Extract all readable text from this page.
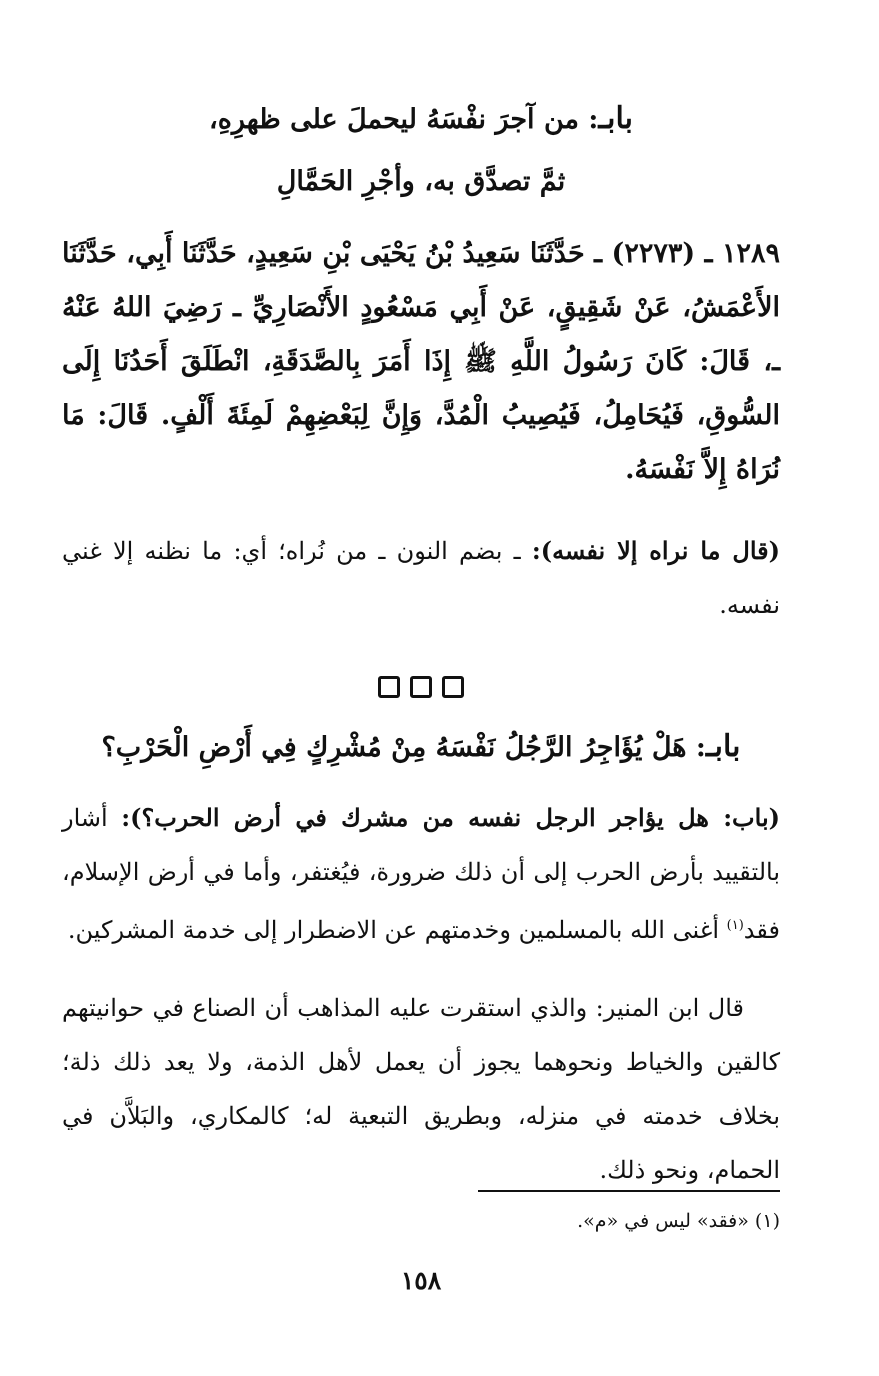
بابـ: من آجرَ نفْسَهُ ليحملَ على ظهرِهِ،
ثمَّ تصدَّق به، وأجْرِ الحَمَّالِ

١٢٨٩ ـ (٢٢٧٣) ـ حَدَّثَنَا سَعِيدُ بْنُ يَحْيَى بْنِ سَعِيدٍ، حَدَّثَنَا أَبِي، حَدَّثَنَا الأَعْمَشُ، عَنْ شَقِيقٍ، عَنْ أَبِي مَسْعُودٍ الأَنْصَارِيِّ ـ رَضِيَ اللهُ عَنْهُ ـ، قَالَ: كَانَ رَسُولُ اللَّهِ ﷺ إِذَا أَمَرَ بِالصَّدَقَةِ، انْطَلَقَ أَحَدُنَا إِلَى السُّوقِ، فَيُحَامِلُ، فَيُصِيبُ الْمُدَّ، وَإِنَّ لِبَعْضِهِمْ لَمِئَةَ أَلْفٍ. قَالَ: مَا نُرَاهُ إِلاَّ نَفْسَهُ.

(قال ما نراه إلا نفسه): ـ بضم النون ـ من نُراه؛ أي: ما نظنه إلا غني نفسه.

بابـ: هَلْ يُؤَاجِرُ الرَّجُلُ نَفْسَهُ مِنْ مُشْرِكٍ فِي أَرْضِ الْحَرْبِ؟

(باب: هل يؤاجر الرجل نفسه من مشرك في أرض الحرب؟): أشار بالتقييد بأرض الحرب إلى أن ذلك ضرورة، فيُغتفر، وأما في أرض الإسلام، فقد$^{(١)}$ أغنى الله بالمسلمين وخدمتهم عن الاضطرار إلى خدمة المشركين.

قال ابن المنير: والذي استقرت عليه المذاهب أن الصناع في حوانيتهم كالقين والخياط ونحوهما يجوز أن يعمل لأهل الذمة، ولا يعد ذلك ذلة؛ بخلاف خدمته في منزله، وبطريق التبعية له؛ كالمكاري، والبَلاَّن في الحمام، ونحو ذلك.

(١) «فقد» ليس في «م».
١٥٨
